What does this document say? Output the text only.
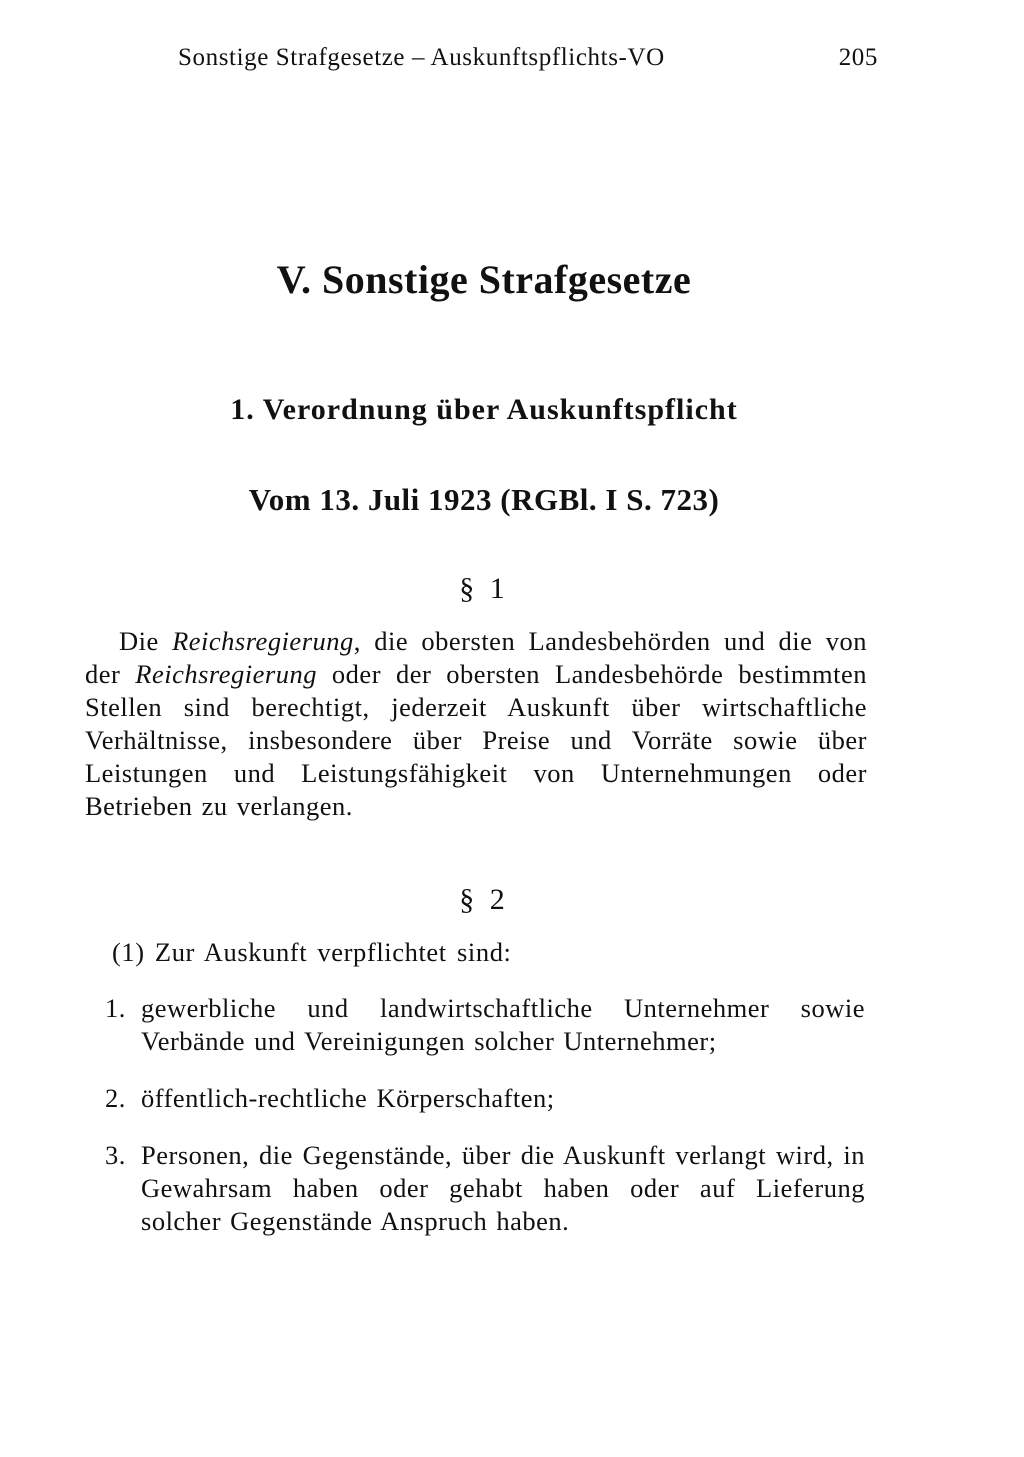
Sonstige Strafgesetze – Auskunftspflichts-VO	205
V. Sonstige Strafgesetze
1. Verordnung über Auskunftspflicht
Vom 13. Juli 1923 (RGBl. I S. 723)
§ 1
Die Reichsregierung, die obersten Landesbehörden und die von der Reichsregierung oder der obersten Landesbehörde bestimmten Stellen sind berechtigt, jederzeit Auskunft über wirtschaftliche Verhältnisse, insbesondere über Preise und Vorräte sowie über Leistungen und Leistungsfähigkeit von Unternehmungen oder Betrieben zu verlangen.
§ 2
(1) Zur Auskunft verpflichtet sind:
1. gewerbliche und landwirtschaftliche Unternehmer sowie Verbände und Vereinigungen solcher Unternehmer;
2. öffentlich-rechtliche Körperschaften;
3. Personen, die Gegenstände, über die Auskunft verlangt wird, in Gewahrsam haben oder gehabt haben oder auf Lieferung solcher Gegenstände Anspruch haben.
